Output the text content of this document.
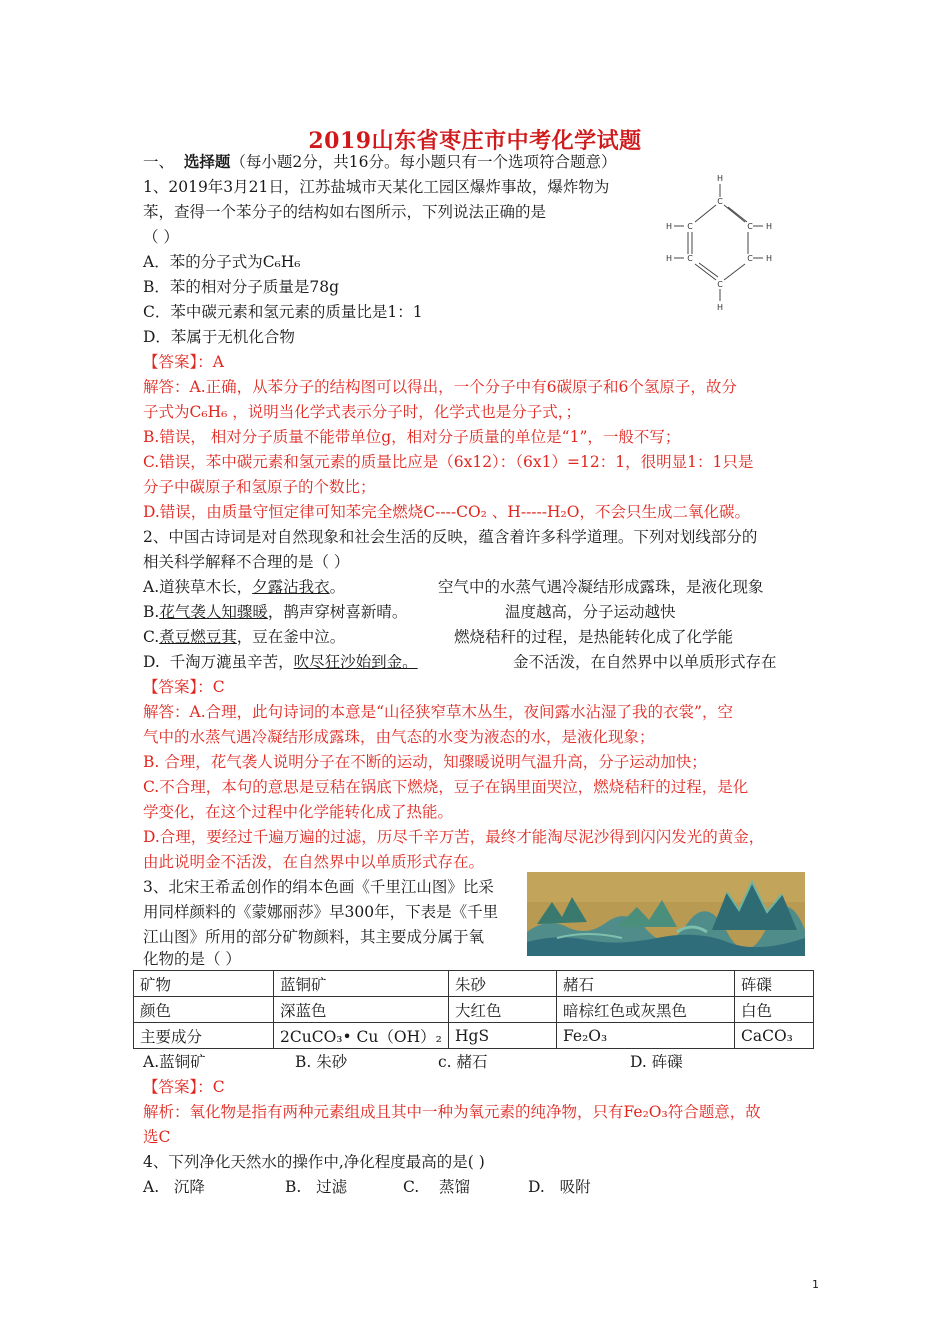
2019山东省枣庄市中考化学试题
一、 选择题（每小题2分，共16分。每小题只有一个选项符合题意）
1、2019年3月21日，江苏盐城市天某化工园区爆炸事故，爆炸物为
苯，查得一个苯分子的结构如右图所示，下列说法正确的是
（ ）
A．苯的分子式为C₆H₆
B．苯的相对分子质量是78g
C．苯中碳元素和氢元素的质量比是1：1
D．苯属于无机化合物
【答案】：A
解答：A.正确，从苯分子的结构图可以得出，一个分子中有6碳原子和6个氢原子，故分
子式为C₆H₆ ，说明当化学式表示分子时，化学式也是分子式，；
B.错误， 相对分子质量不能带单位g，相对分子质量的单位是“1”，一般不写；
C.错误，苯中碳元素和氢元素的质量比应是（6x12）：（6x1）=12：1，很明显1：1只是
分子中碳原子和氢原子的个数比；
D.错误，由质量守恒定律可知苯完全燃烧C----CO₂ 、H-----H₂O，不会只生成二氧化碳。
H
C
C	C
C	C
C
H
H
H
H
H
2、中国古诗词是对自然现象和社会生活的反映，蕴含着许多科学道理。下列对划线部分的
相关科学解释不合理的是（ ）
A.道狭草木长，夕露沾我衣。	空气中的水蒸气遇冷凝结形成露珠，是液化现象
B.花气袭人知骤暖，鹊声穿树喜新晴。	温度越高，分子运动越快
C.煮豆燃豆萁，豆在釜中泣。	燃烧秸秆的过程，是热能转化成了化学能
D.  千淘万漉虽辛苦，吹尽狂沙始到金。	金不活泼，在自然界中以单质形式存在
【答案】：C
解答：A.合理，此句诗词的本意是“山径狭窄草木丛生，夜间露水沾湿了我的衣裳”，空
气中的水蒸气遇冷凝结形成露珠，由气态的水变为液态的水，是液化现象；
B. 合理，花气袭人说明分子在不断的运动，知骤暖说明气温升高，分子运动加快；
C.不合理，本句的意思是豆秸在锅底下燃烧，豆子在锅里面哭泣，燃烧秸秆的过程，是化
学变化，在这个过程中化学能转化成了热能。
D.合理，要经过千遍万遍的过滤，历尽千辛万苦，最终才能淘尽泥沙得到闪闪发光的黄金，
由此说明金不活泼，在自然界中以单质形式存在。
3、北宋王希孟创作的绢本色画《千里江山图》比采
用同样颜料的《蒙娜丽莎》早300年，下表是《千里
江山图》所用的部分矿物颜料，其主要成分属于氧
化物的是（ ）
矿物	蓝铜矿	朱砂	赭石	砗磲
颜色	深蓝色	大红色	暗棕红色或灰黑色	白色
主要成分	2CuCO₃• Cu（OH）₂	HgS	Fe₂O₃	CaCO₃
A.蓝铜矿	B. 朱砂	c. 赭石	D. 砗磲
【答案】：C
解析：氧化物是指有两种元素组成且其中一种为氧元素的纯净物，只有Fe₂O₃符合题意，故
选C
4、下列净化天然水的操作中,净化程度最高的是( )
A.   沉降	B.   过滤	C.    蒸馏	D.   吸附
1
